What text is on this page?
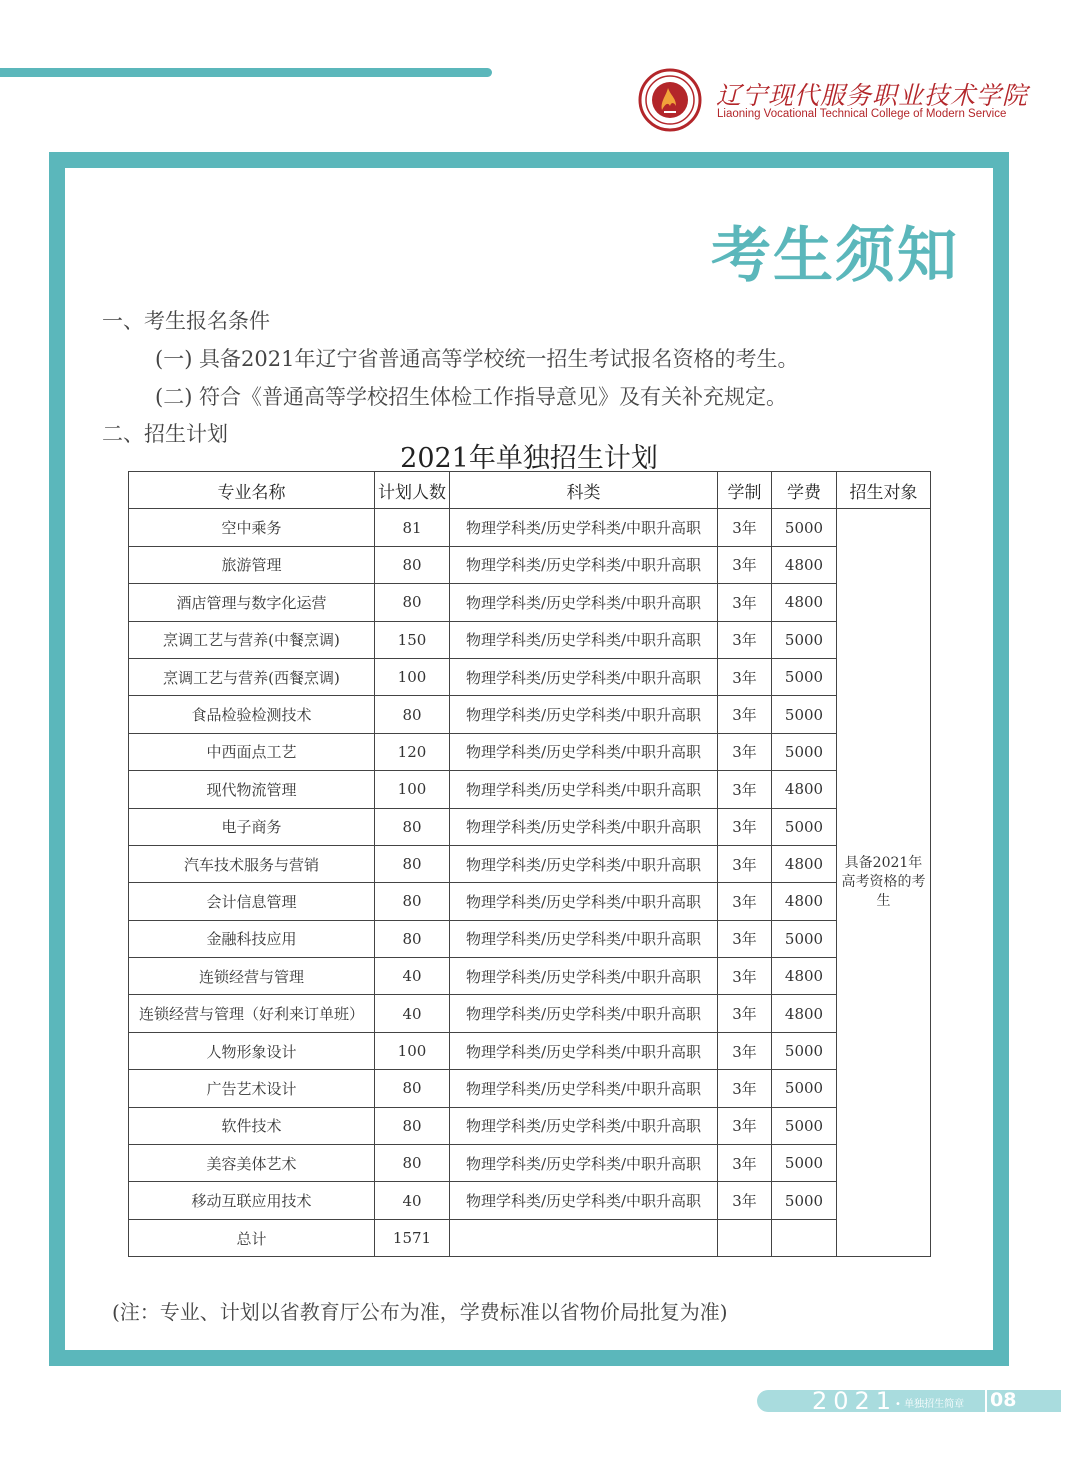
辽宁现代服务职业技术学院
Liaoning Vocational Technical College of Modern Service
考生须知
一、考生报名条件
(一) 具备2021年辽宁省普通高等学校统一招生考试报名资格的考生。
(二) 符合《普通高等学校招生体检工作指导意见》及有关补充规定。
二、招生计划
2021年单独招生计划
专业名称	计划人数	科类	学制	学费	招生对象
空中乘务	81	物理学科类/历史学科类/中职升高职	3年	5000	具备2021年高考资格的考生
旅游管理	80	物理学科类/历史学科类/中职升高职	3年	4800	
酒店管理与数字化运营	80	物理学科类/历史学科类/中职升高职	3年	4800	
烹调工艺与营养(中餐烹调)	150	物理学科类/历史学科类/中职升高职	3年	5000	
烹调工艺与营养(西餐烹调)	100	物理学科类/历史学科类/中职升高职	3年	5000	
食品检验检测技术	80	物理学科类/历史学科类/中职升高职	3年	5000	
中西面点工艺	120	物理学科类/历史学科类/中职升高职	3年	5000	
现代物流管理	100	物理学科类/历史学科类/中职升高职	3年	4800	
电子商务	80	物理学科类/历史学科类/中职升高职	3年	5000	
汽车技术服务与营销	80	物理学科类/历史学科类/中职升高职	3年	4800	
会计信息管理	80	物理学科类/历史学科类/中职升高职	3年	4800	
金融科技应用	80	物理学科类/历史学科类/中职升高职	3年	5000	
连锁经营与管理	40	物理学科类/历史学科类/中职升高职	3年	4800	
连锁经营与管理（好利来订单班）	40	物理学科类/历史学科类/中职升高职	3年	4800	
人物形象设计	100	物理学科类/历史学科类/中职升高职	3年	5000	
广告艺术设计	80	物理学科类/历史学科类/中职升高职	3年	5000	
软件技术	80	物理学科类/历史学科类/中职升高职	3年	5000	
美容美体艺术	80	物理学科类/历史学科类/中职升高职	3年	5000	
移动互联应用技术	40	物理学科类/历史学科类/中职升高职	3年	5000	
总计	1571				
(注：专业、计划以省教育厅公布为准，学费标准以省物价局批复为准)
2021
• 单独招生简章 08
